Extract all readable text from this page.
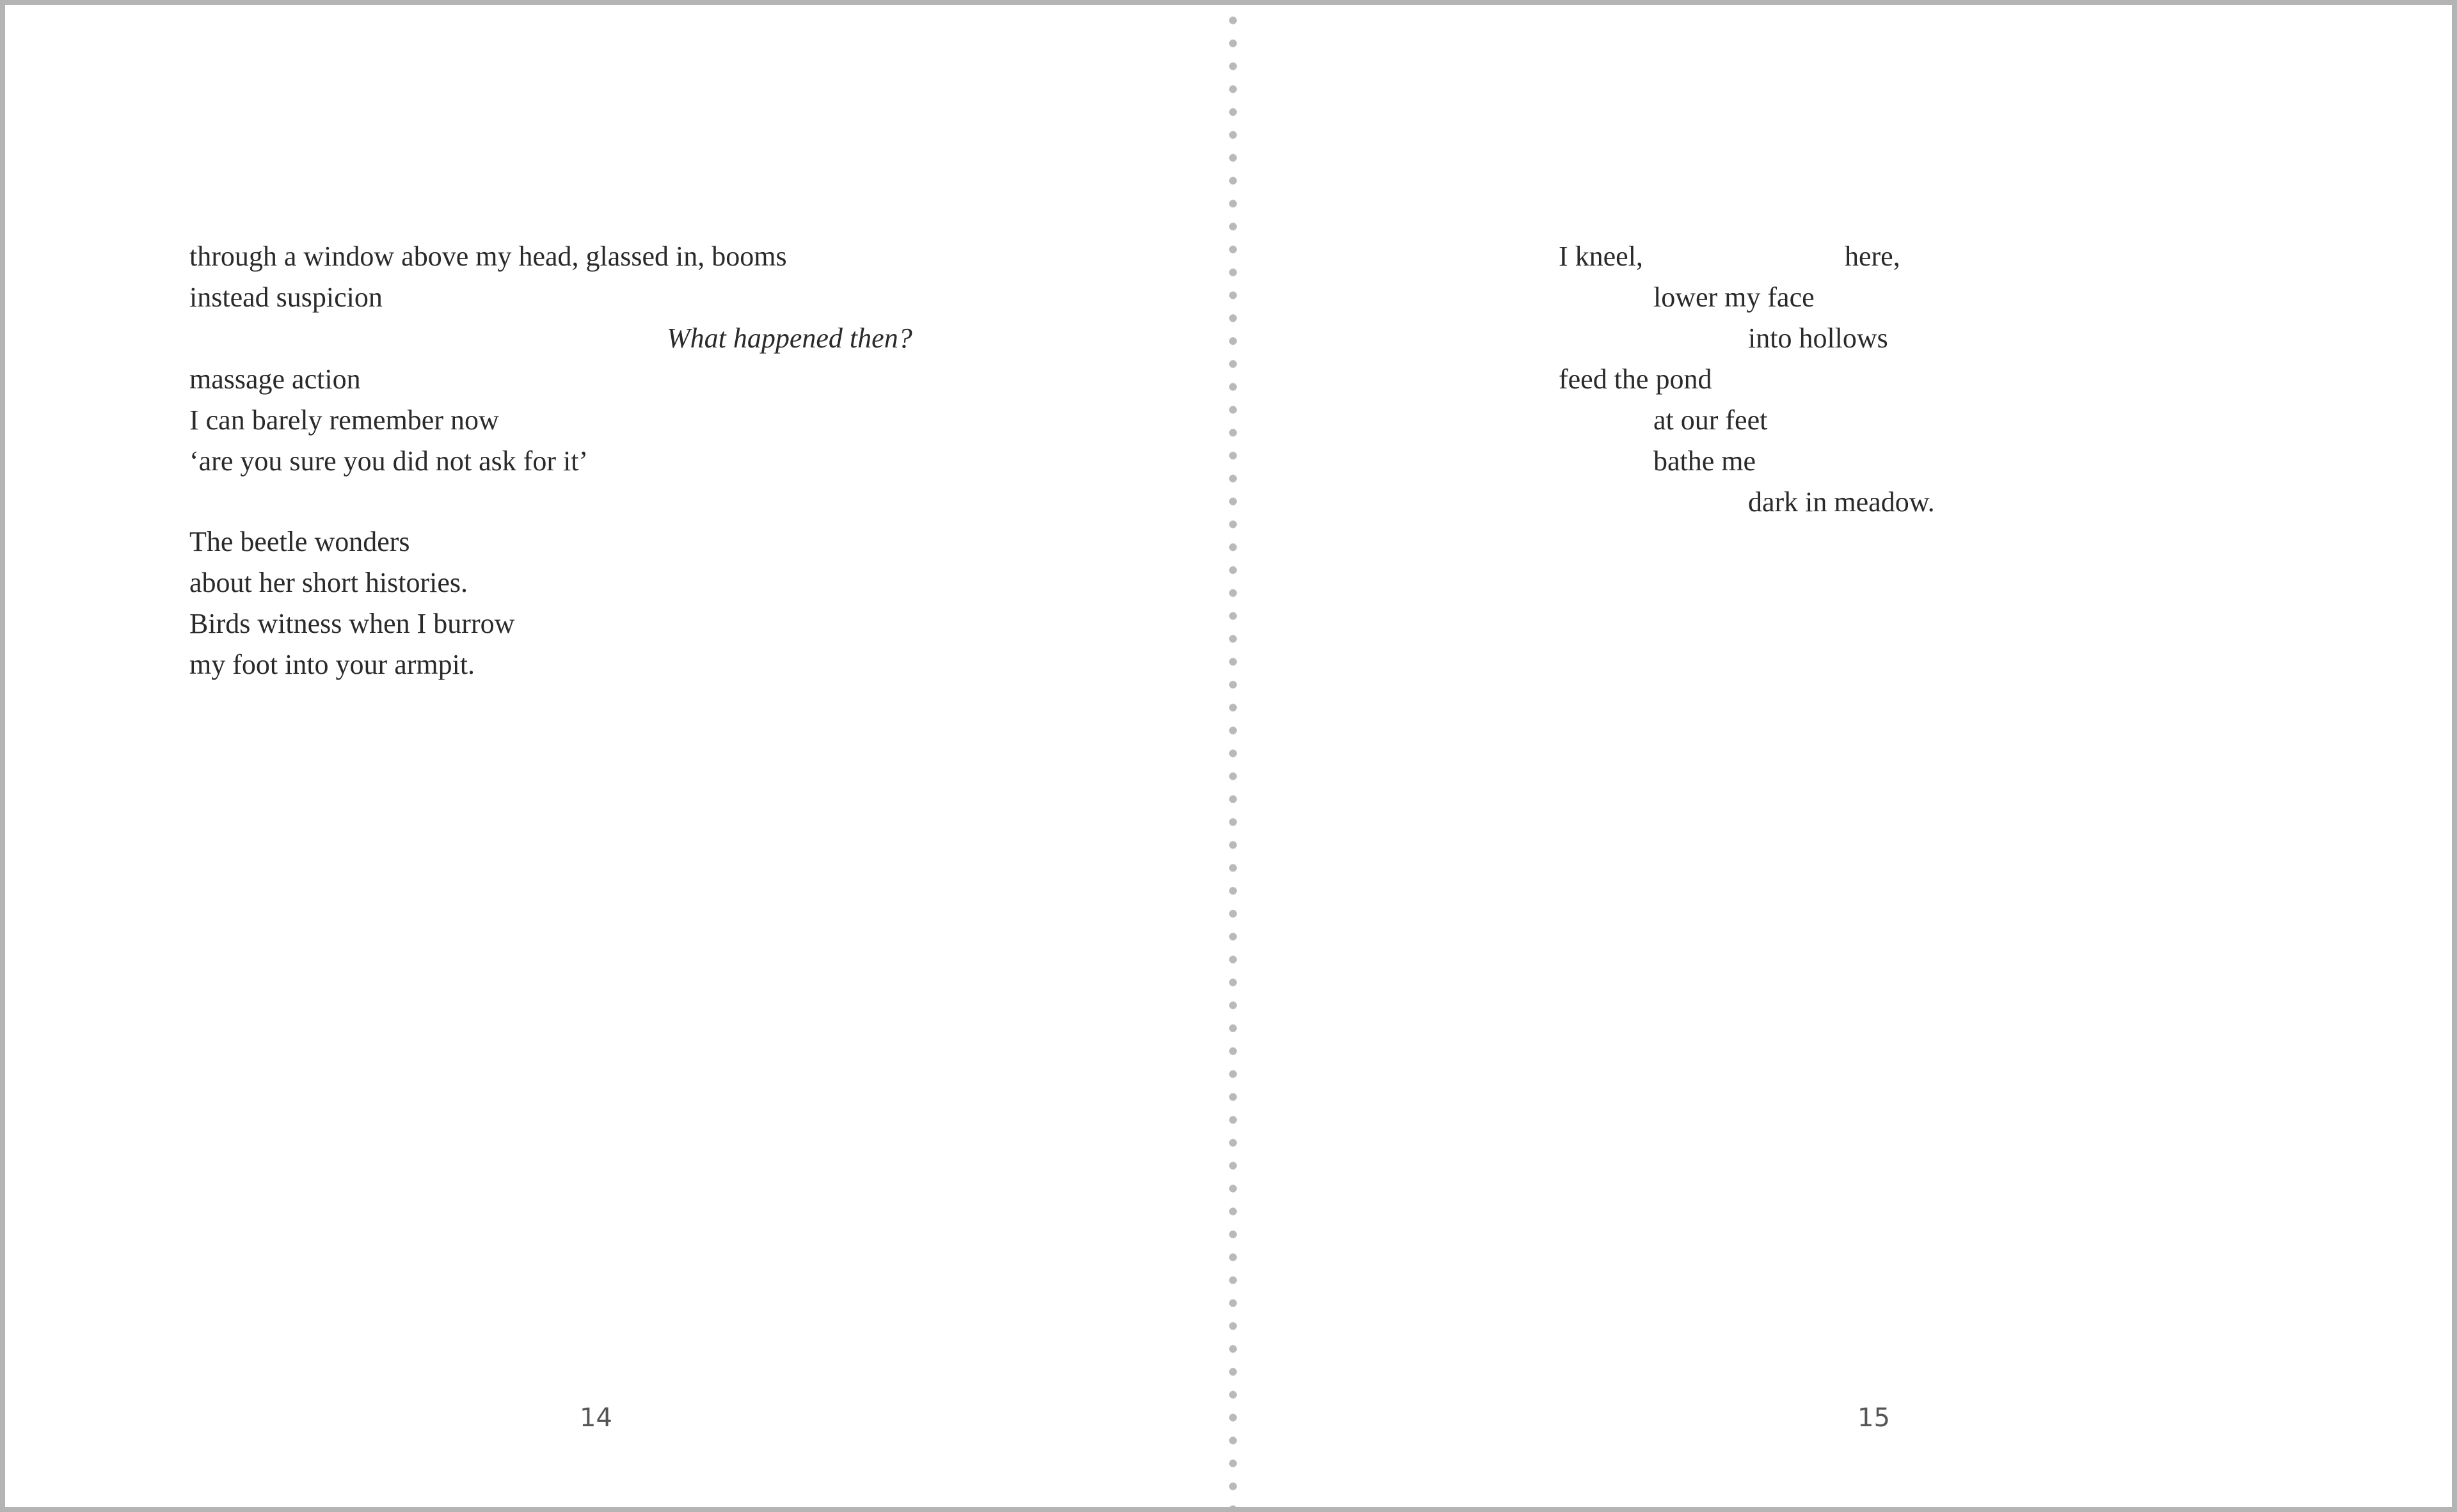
through a window above my head, glassed in, booms

instead suspicion

What happened then?

massage action

I can barely remember now

‘are you sure you did not ask for it’

The beetle wonders

about her short histories.

Birds witness when I burrow

my foot into your armpit.

14

I kneel,	here,

lower my face

into hollows

feed the pond

at our feet

bathe me

dark in meadow.

15
